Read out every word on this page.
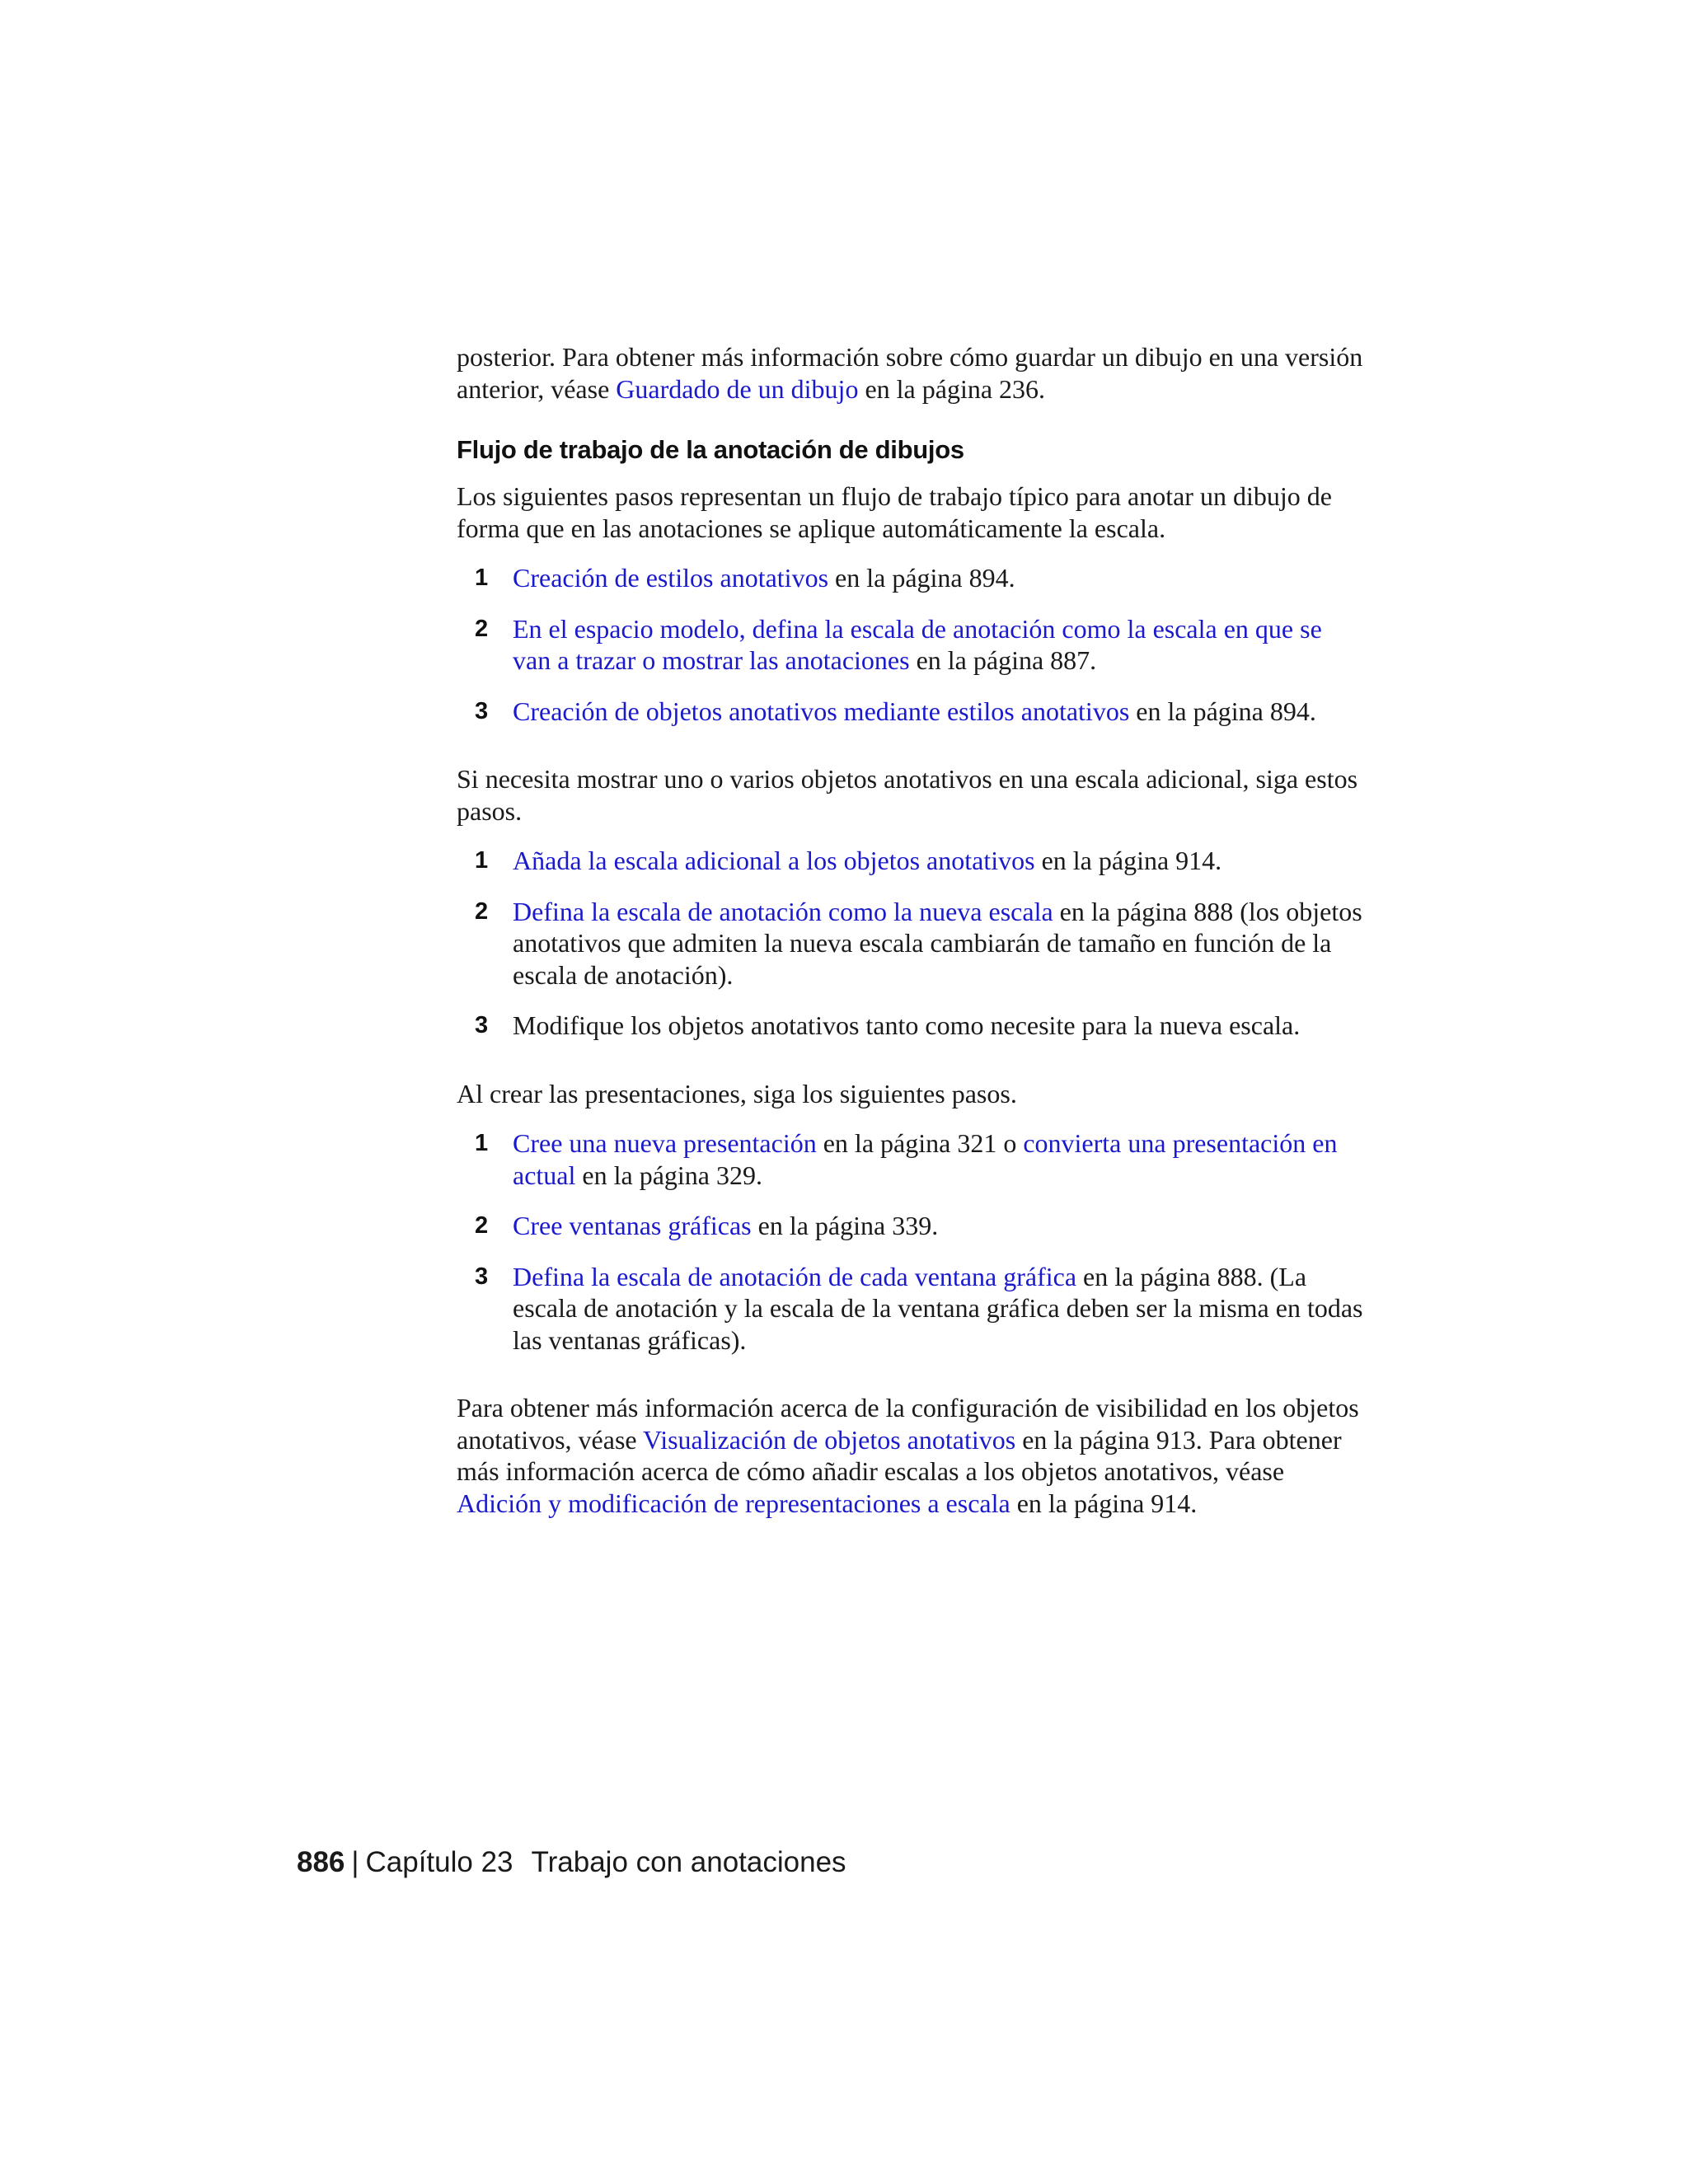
posterior. Para obtener más información sobre cómo guardar un dibujo en una versión anterior, véase Guardado de un dibujo en la página 236.

Flujo de trabajo de la anotación de dibujos

Los siguientes pasos representan un flujo de trabajo típico para anotar un dibujo de forma que en las anotaciones se aplique automáticamente la escala.

1 Creación de estilos anotativos en la página 894.
2 En el espacio modelo, defina la escala de anotación como la escala en que se van a trazar o mostrar las anotaciones en la página 887.
3 Creación de objetos anotativos mediante estilos anotativos en la página 894.

Si necesita mostrar uno o varios objetos anotativos en una escala adicional, siga estos pasos.

1 Añada la escala adicional a los objetos anotativos en la página 914.
2 Defina la escala de anotación como la nueva escala en la página 888 (los objetos anotativos que admiten la nueva escala cambiarán de tamaño en función de la escala de anotación).
3 Modifique los objetos anotativos tanto como necesite para la nueva escala.

Al crear las presentaciones, siga los siguientes pasos.

1 Cree una nueva presentación en la página 321 o convierta una presentación en actual en la página 329.
2 Cree ventanas gráficas en la página 339.
3 Defina la escala de anotación de cada ventana gráfica en la página 888. (La escala de anotación y la escala de la ventana gráfica deben ser la misma en todas las ventanas gráficas).

Para obtener más información acerca de la configuración de visibilidad en los objetos anotativos, véase Visualización de objetos anotativos en la página 913. Para obtener más información acerca de cómo añadir escalas a los objetos anotativos, véase Adición y modificación de representaciones a escala en la página 914.

886 | Capítulo 23 Trabajo con anotaciones
